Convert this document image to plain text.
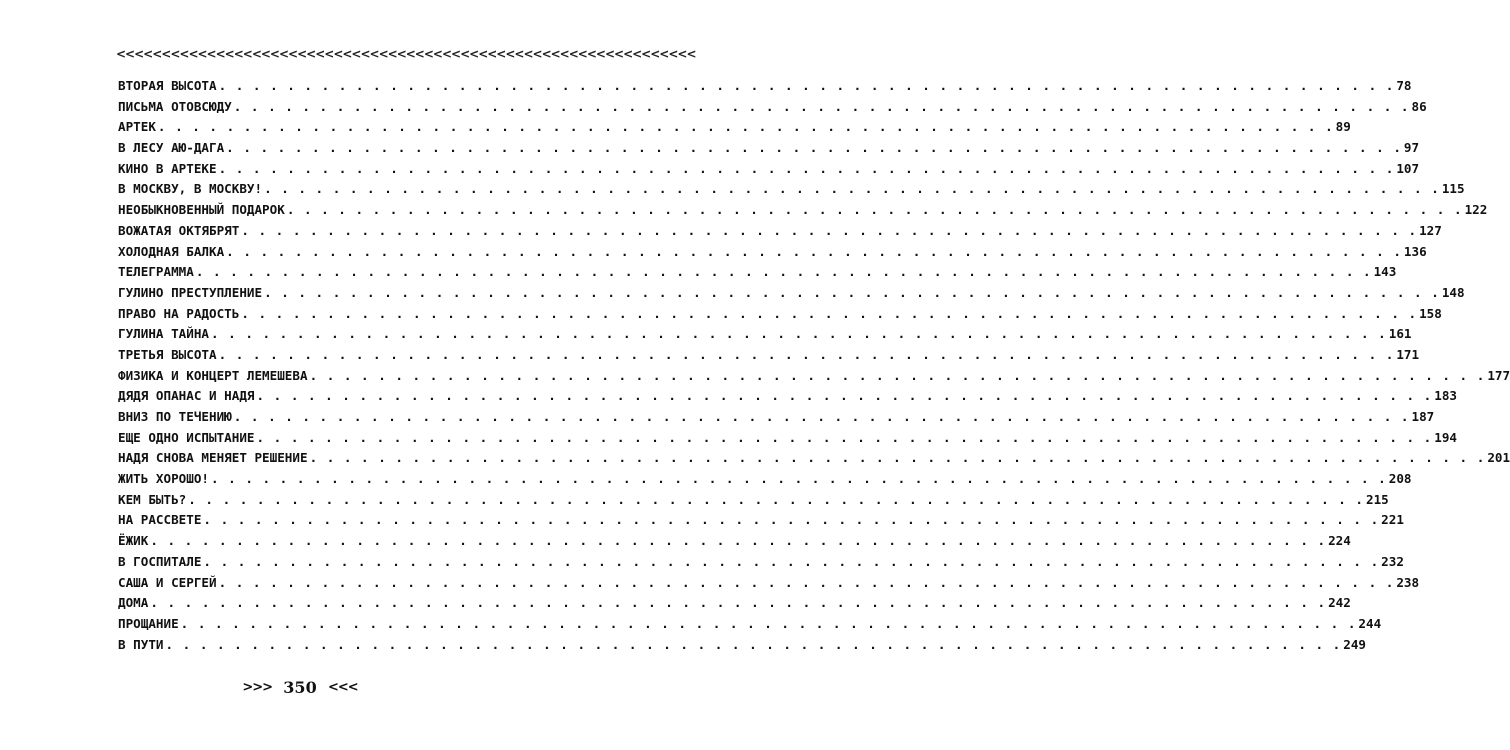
<<<<<<<<<<<<<<<<<<<<<<<<<<<<<<<<<<<<<<<<<<<<<<<<<<<<<<<<<<<<<<<<
ВТОРАЯ ВЫСОТА . . .	78
ПИСЬМА ОТОВСЮДУ . . .	86
АРТЕК . . .	89
В ЛЕСУ АЮ-ДАГА . . .	97
КИНО В АРТЕКЕ . . .	107
В МОСКВУ, В МОСКВУ! . . .	115
НЕОБЫКНОВЕННЫЙ ПОДАРОК . . .	122
ВОЖАТАЯ ОКТЯБРЯТ . . .	127
ХОЛОДНАЯ БАЛКА . . .	136
ТЕЛЕГРАММА . . .	143
ГУЛИНО ПРЕСТУПЛЕНИЕ . . .	148
ПРАВО НА РАДОСТЬ . . .	158
ГУЛИНА ТАЙНА . . .	161
ТРЕТЬЯ ВЫСОТА . . .	171
ФИЗИКА И КОНЦЕРТ ЛЕМЕШЕВА . . .	177
ДЯДЯ ОПАНАС И НАДЯ . . .	183
ВНИЗ ПО ТЕЧЕНИЮ . . .	187
ЕЩЕ ОДНО ИСПЫТАНИЕ . . .	194
НАДЯ СНОВА МЕНЯЕТ РЕШЕНИЕ . . .	201
ЖИТЬ ХОРОШО! . . .	208
КЕМ БЫТЬ? . . .	215
НА РАССВЕТЕ . . .	221
ЁЖИК . . .	224
В ГОСПИТАЛЕ . . .	232
САША И СЕРГЕЙ . . .	238
ДОМА . . .	242
ПРОЩАНИЕ . . .	244
В ПУТИ . . .	249
>>> 350 <<<
